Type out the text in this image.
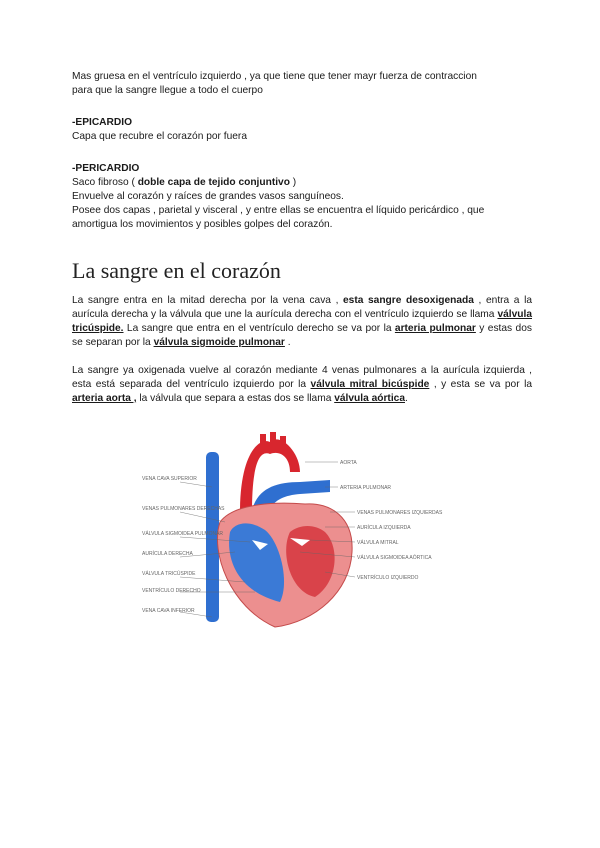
Mas gruesa en el ventrículo izquierdo , ya que tiene que tener mayr fuerza de contraccion

para que la sangre llegue a todo el cuerpo

-EPICARDIO

Capa que recubre el corazón por fuera

-PERICARDIO

Saco fibroso ( doble capa de tejido conjuntivo )

Envuelve al corazón y raíces de grandes vasos sanguíneos.

Posee dos capas , parietal y visceral , y entre ellas se encuentra el líquido pericárdico , que

amortigua los movimientos y posibles golpes del corazón.

La sangre en el corazón

La sangre entra en la mitad derecha por la vena cava , esta sangre desoxigenada , entra a la aurícula derecha y la válvula que une la aurícula derecha con el ventrículo izquierdo se llama válvula tricúspide. La sangre que entra en el ventrículo derecho se va por la arteria pulmonar y estas dos se separan por la válvula sigmoide pulmonar .

La sangre ya oxigenada vuelve al corazón mediante 4 venas pulmonares a la aurícula izquierda , esta está separada del ventrículo izquierdo por la válvula mitral bicúspide , y esta se va por la arteria aorta , la válvula que separa a estas dos se llama válvula aórtica.

VENA CAVA SUPERIOR
VENAS PULMONARES DERECHAS
VÁLVULA SIGMOIDEA PULMONAR
AURÍCULA DERECHA
VÁLVULA TRICÚSPIDE
VENTRÍCULO DERECHO
VENA CAVA INFERIOR
AORTA
ARTERIA PULMONAR
VENAS PULMONARES IZQUIERDAS
AURÍCULA IZQUIERDA
VÁLVULA MITRAL
VÁLVULA SIGMOIDEA AÓRTICA
VENTRÍCULO IZQUIERDO
